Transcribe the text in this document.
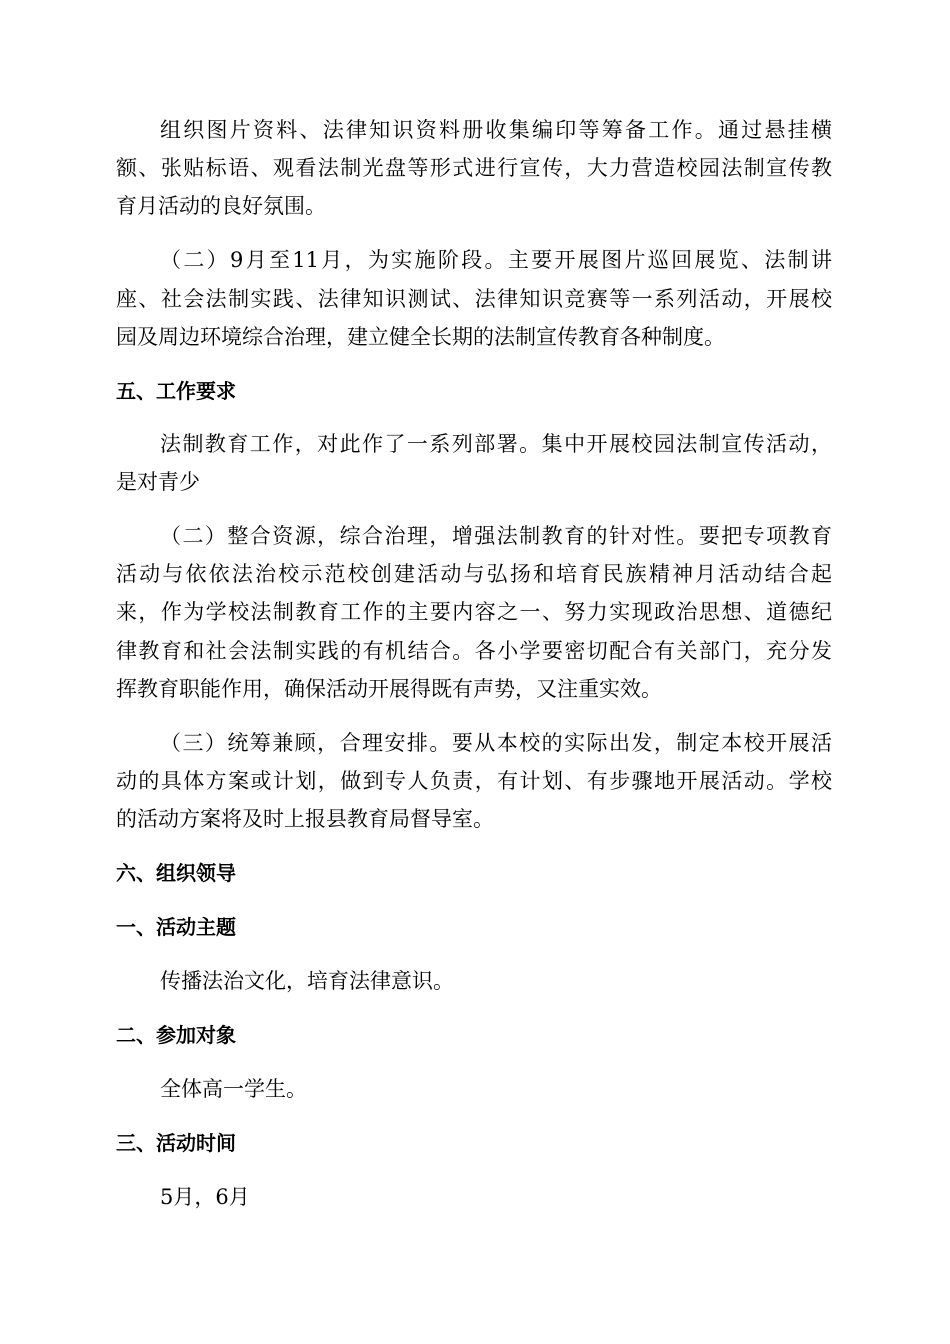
组织图片资料、法律知识资料册收集编印等筹备工作。通过悬挂横
额、张贴标语、观看法制光盘等形式进行宣传，大力营造校园法制宣传教
育月活动的良好氛围。
（二）9月至11月，为实施阶段。主要开展图片巡回展览、法制讲
座、社会法制实践、法律知识测试、法律知识竞赛等一系列活动，开展校
园及周边环境综合治理，建立健全长期的法制宣传教育各种制度。
五、工作要求
法制教育工作，对此作了一系列部署。集中开展校园法制宣传活动，
是对青少
（二）整合资源，综合治理，增强法制教育的针对性。要把专项教育
活动与依依法治校示范校创建活动与弘扬和培育民族精神月活动结合起
来，作为学校法制教育工作的主要内容之一、努力实现政治思想、道德纪
律教育和社会法制实践的有机结合。各小学要密切配合有关部门，充分发
挥教育职能作用，确保活动开展得既有声势，又注重实效。
（三）统筹兼顾，合理安排。要从本校的实际出发，制定本校开展活
动的具体方案或计划，做到专人负责，有计划、有步骤地开展活动。学校
的活动方案将及时上报县教育局督导室。
六、组织领导
一、活动主题
传播法治文化，培育法律意识。
二、参加对象
全体高一学生。
三、活动时间
5月，6月
